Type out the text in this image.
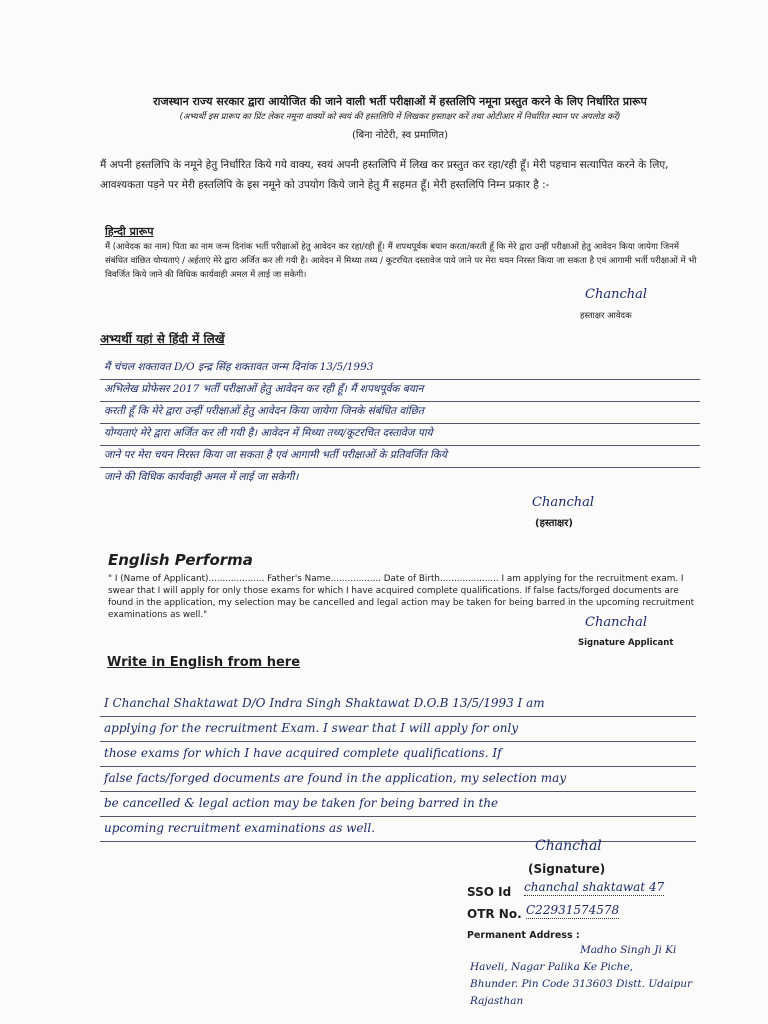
राजस्थान राज्य सरकार द्वारा आयोजित की जाने वाली भर्ती परीक्षाओं में हस्तलिपि नमूना प्रस्तुत करने के लिए निर्धारित प्रारूप
(अभ्यर्थी इस प्रारूप का प्रिंट लेकर नमूना वाक्यों को स्वयं की हस्तलिपि में लिखकर हस्ताक्षर करें तथा ओटीआर में निर्धारित स्थान पर अपलोड करें)
(बिना नोटेरी, स्व प्रमाणित)
मैं अपनी हस्तलिपि के नमूने हेतु निर्धारित किये गये वाक्य, स्वयं अपनी हस्तलिपि में लिख कर प्रस्तुत कर रहा/रही हूँ। मेरी पहचान सत्यापित करने के लिए, आवश्यकता पड़ने पर मेरी हस्तलिपि के इस नमूने को उपयोग किये जाने हेतु मैं सहमत हूँ। मेरी हस्तलिपि निम्न प्रकार है :-
हिन्दी प्रारूप
मैं (आवेदक का नाम) पिता का नाम जन्म दिनांक भर्ती परीक्षाओं हेतु आवेदन कर रहा/रही हूँ। मैं शपथपूर्वक बयान करता/करती हूँ कि मेरे द्वारा उन्हीं परीक्षाओं हेतु आवेदन किया जायेगा जिनमें संबंधित वांछित योग्यताएं / अर्हताएं मेरे द्वारा अर्जित कर ली गयी है। आवेदन में मिथ्या तथ्य / कूटरचित दस्तावेज पाये जाने पर मेरा चयन निरस्त किया जा सकता है एवं आगामी भर्ती परीक्षाओं में भी विवर्जित किये जाने की विधिक कार्यवाही अमल में लाई जा सकेगी।
Chanchal
हस्ताक्षर आवेदक
अभ्यर्थी यहां से हिंदी में लिखें
मैं चंचल शक्तावत D/O इन्द्र सिंह शक्तावत जन्म दिनांक 13/5/1993
अभिलेख प्रोफेसर 2017 भर्ती परीक्षाओं हेतु आवेदन कर रही हूँ। मैं शपथपूर्वक बयान
करती हूँ कि मेरे द्वारा उन्हीं परीक्षाओं हेतु आवेदन किया जायेगा जिनके संबंधित वांछित
योग्यताएं मेरे द्वारा अर्जित कर ली गयी है। आवेदन में मिथ्या तथ्य/कूटरचित दस्तावेज पाये
जाने पर मेरा चयन निरस्त किया जा सकता है एवं आगामी भर्ती परीक्षाओं के प्रतिवर्जित किये
जाने की विधिक कार्यवाही अमल में लाई जा सकेगी।
Chanchal
(हस्ताक्षर)
English Performa
" I (Name of Applicant).................... Father's Name.................. Date of Birth..................... I am applying for the recruitment exam. I swear that I will apply for only those exams for which I have acquired complete qualifications. If false facts/forged documents are found in the application, my selection may be cancelled and legal action may be taken for being barred in the upcoming recruitment examinations as well."	Chanchal
Signature Applicant
Write in English from here
I Chanchal Shaktawat D/O Indra Singh Shaktawat D.O.B 13/5/1993 I am
applying for the recruitment Exam. I swear that I will apply for only
those exams for which I have acquired complete qualifications. If
false facts/forged documents are found in the application, my selection may
be cancelled & legal action may be taken for being barred in the
upcoming recruitment examinations as well.
Chanchal
(Signature)
SSO Id chanchal shaktawat 47
OTR No. C22931574578
Permanent Address :
Madho Singh Ji Ki
Haveli, Nagar Palika Ke Piche,
Bhunder. Pin Code 313603 Distt. Udaipur
Rajasthan
